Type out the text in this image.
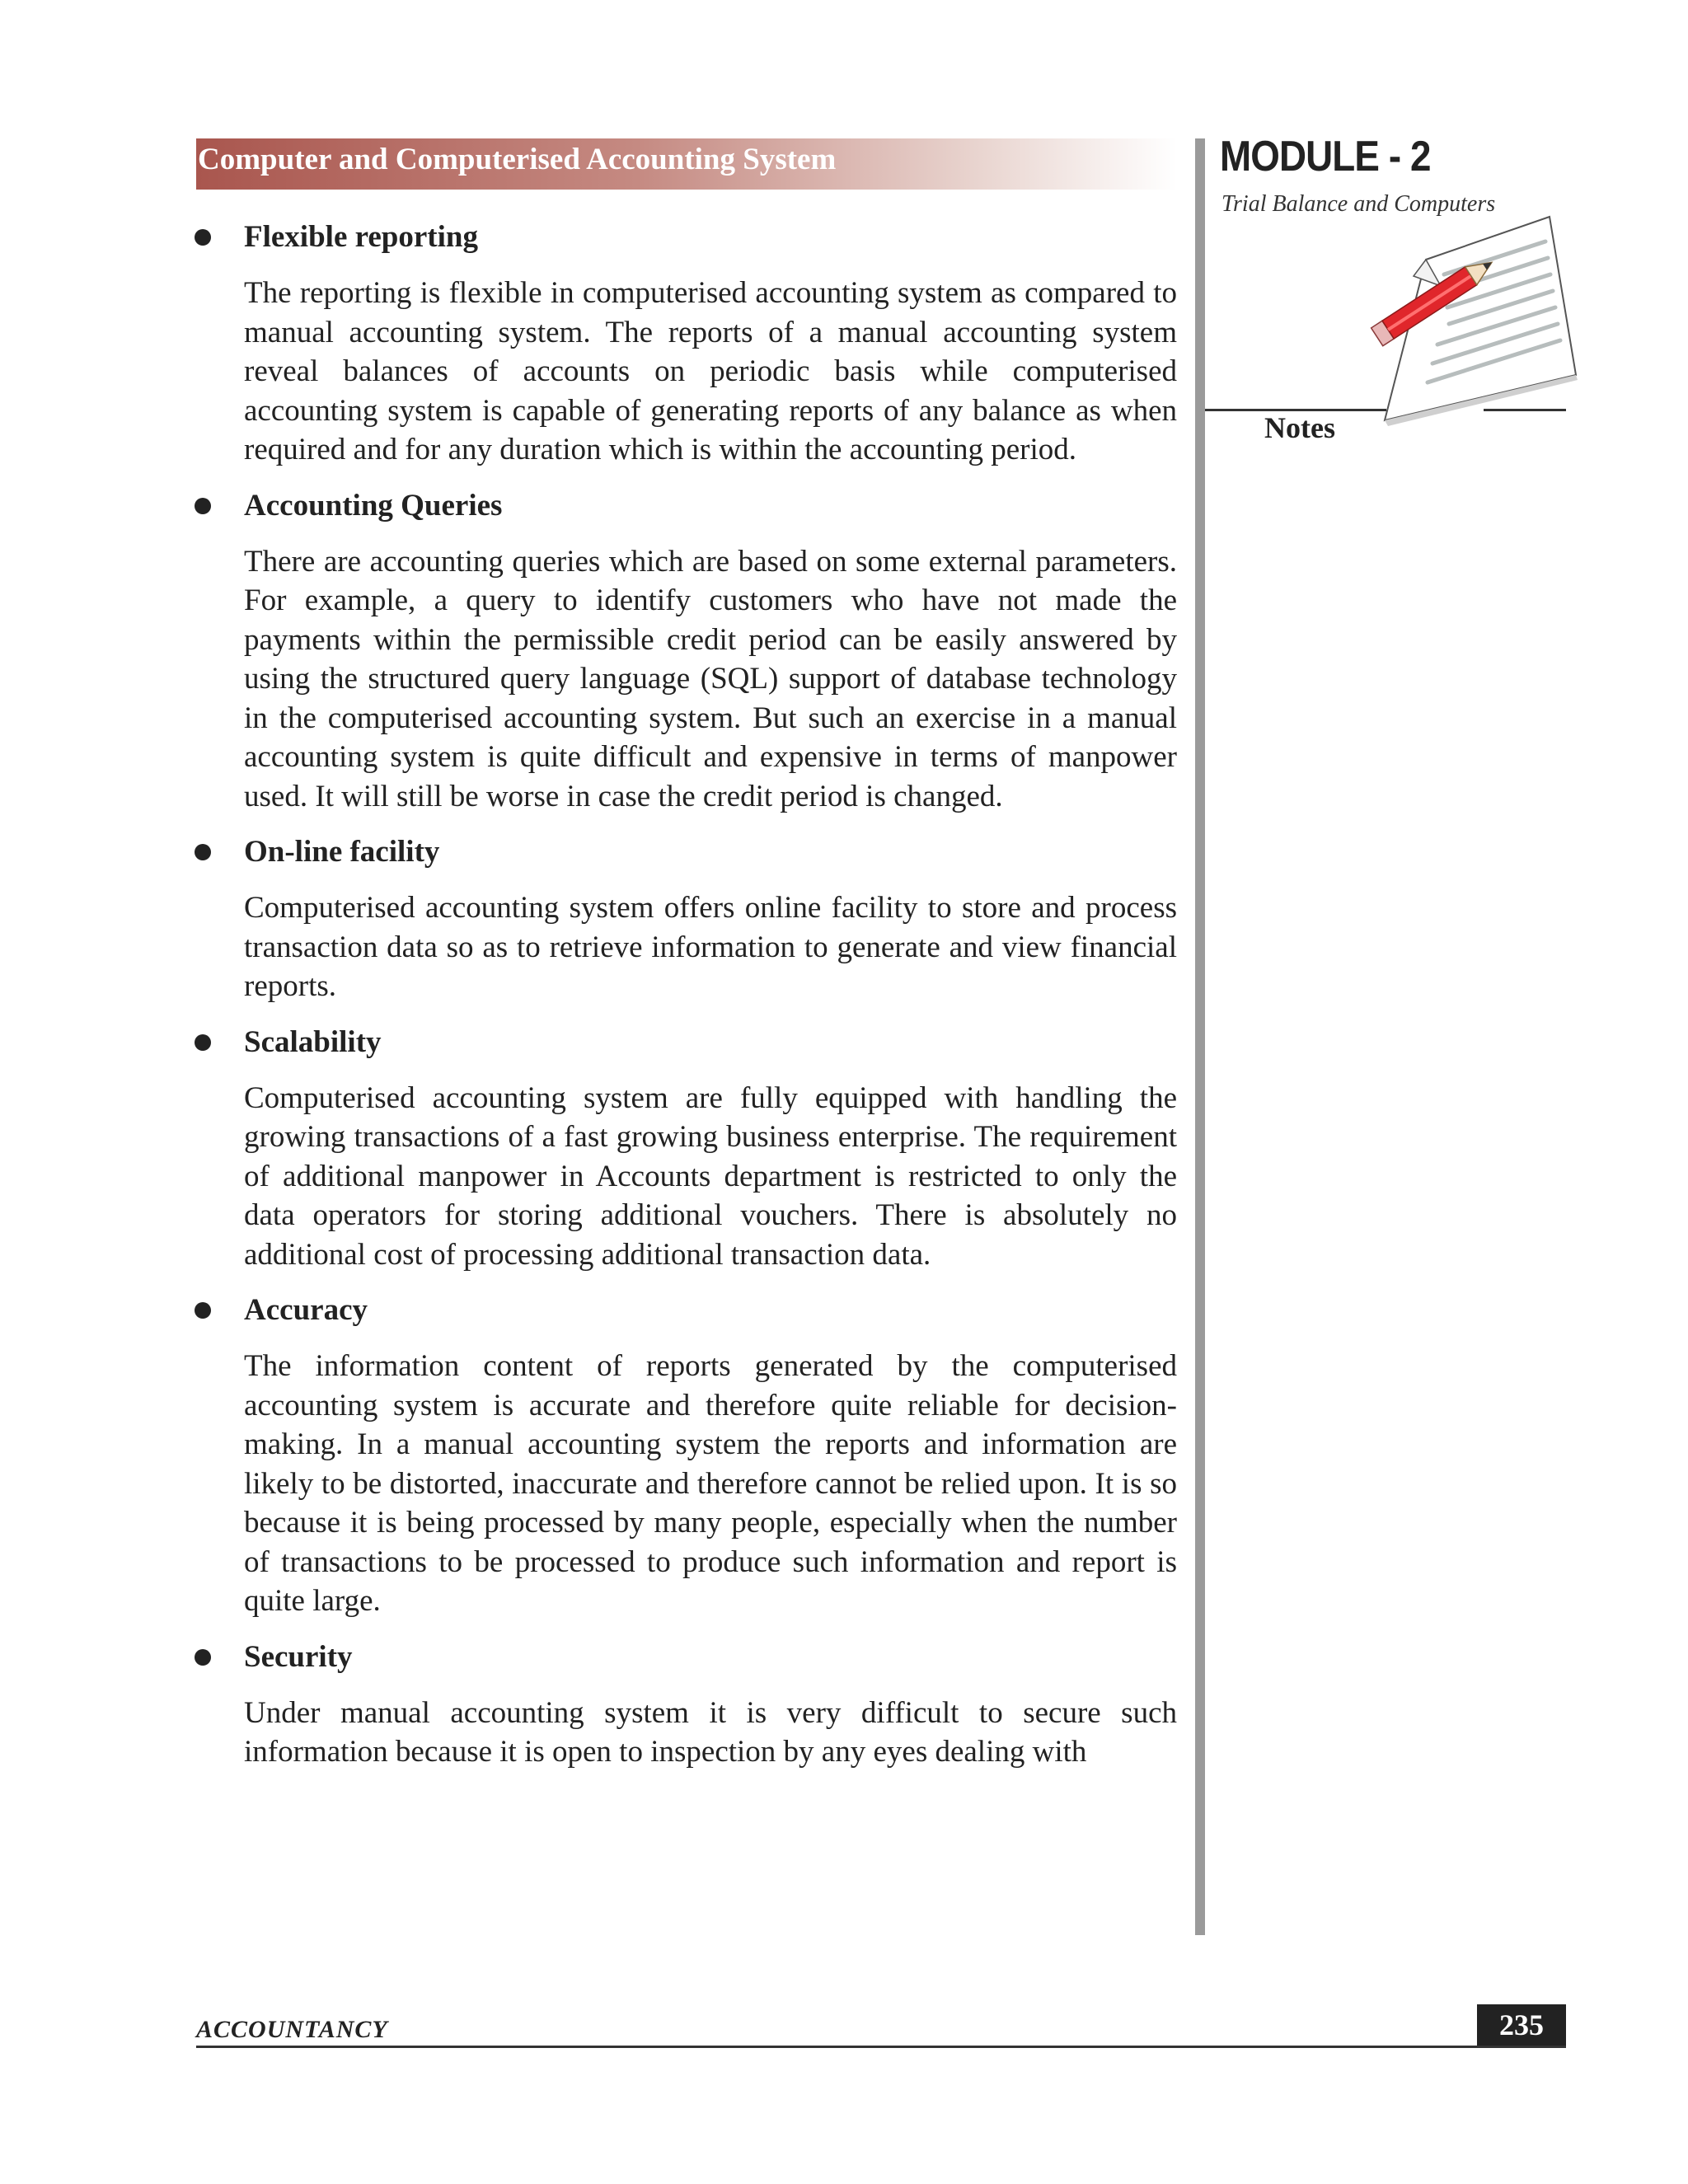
Computer and Computerised Accounting System	MODULE - 2
Trial Balance and Computers
Notes
Flexible reporting
The reporting is flexible in computerised accounting system as compared to manual accounting system. The reports of a manual accounting system reveal balances of accounts on periodic basis while computerised accounting system is capable of generating reports of any balance as when required and for any duration which is within the accounting period.
Accounting Queries
There are accounting queries which are based on some external parameters. For example, a query to identify customers who have not made the payments within the permissible credit period can be easily answered by using the structured query language (SQL) support of database technology in the computerised accounting system. But such an exercise in a manual accounting system is quite difficult and expensive in terms of manpower used. It will still be worse in case the credit period is changed.
On-line facility
Computerised accounting system offers online facility to store and process transaction data so as to retrieve information to generate and view financial reports.
Scalability
Computerised accounting system are fully equipped with handling the growing transactions of a fast growing business enterprise. The requirement of additional manpower in Accounts department is restricted to only the data operators for storing additional vouchers. There is absolutely no additional cost of processing additional transaction data.
Accuracy
The information content of reports generated by the computerised accounting system is accurate and therefore quite reliable for decision-making. In a manual accounting system the reports and information are likely to be distorted, inaccurate and therefore cannot be relied upon. It is so because it is being processed by many people, especially when the number of transactions to be processed to produce such information and report is quite large.
Security
Under manual accounting system it is very difficult to secure such information because it is open to inspection by any eyes dealing with
ACCOUNTANCY	235
